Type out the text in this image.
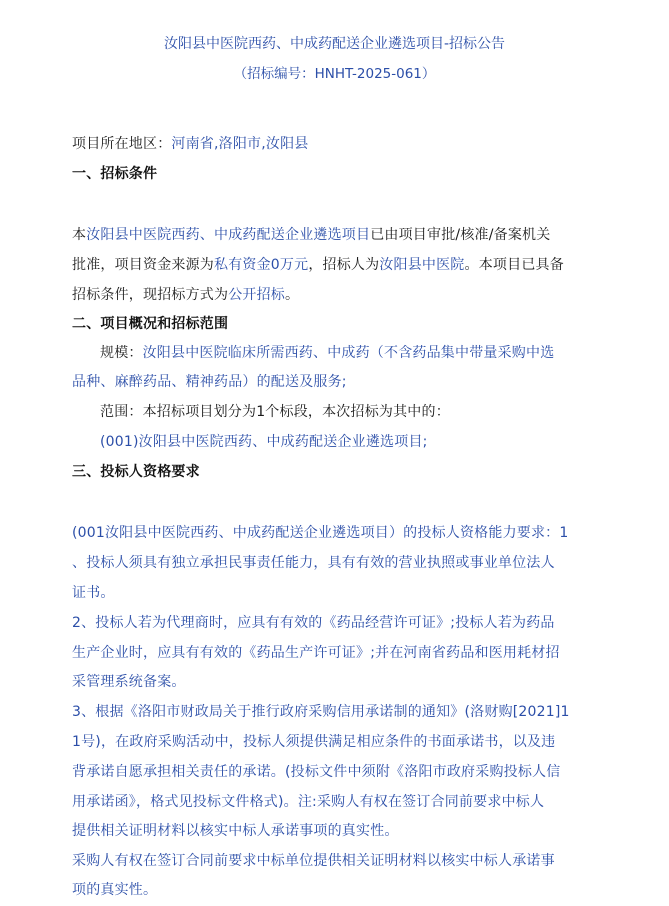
汝阳县中医院西药、中成药配送企业遴选项目-招标公告
（招标编号：HNHT-2025-061）
项目所在地区：河南省,洛阳市,汝阳县
一、招标条件
本汝阳县中医院西药、中成药配送企业遴选项目已由项目审批/核准/备案机关
批准，项目资金来源为私有资金0万元，招标人为汝阳县中医院。本项目已具备
招标条件，现招标方式为公开招标。
二、项目概况和招标范围
规模：汝阳县中医院临床所需西药、中成药（不含药品集中带量采购中选
品种、麻醉药品、精神药品）的配送及服务;
范围：本招标项目划分为1个标段，本次招标为其中的：
(001)汝阳县中医院西药、中成药配送企业遴选项目;
三、投标人资格要求
(001汝阳县中医院西药、中成药配送企业遴选项目）的投标人资格能力要求：1
、投标人须具有独立承担民事责任能力，具有有效的营业执照或事业单位法人
证书。
2、投标人若为代理商时，应具有有效的《药品经营许可证》;投标人若为药品
生产企业时，应具有有效的《药品生产许可证》;并在河南省药品和医用耗材招
采管理系统备案。
3、根据《洛阳市财政局关于推行政府采购信用承诺制的通知》(洛财购[2021]1
1号)，在政府采购活动中，投标人须提供满足相应条件的书面承诺书，以及违
背承诺自愿承担相关责任的承诺。(投标文件中须附《洛阳市政府采购投标人信
用承诺函》，格式见投标文件格式)。注:采购人有权在签订合同前要求中标人
提供相关证明材料以核实中标人承诺事项的真实性。
采购人有权在签订合同前要求中标单位提供相关证明材料以核实中标人承诺事
项的真实性。
